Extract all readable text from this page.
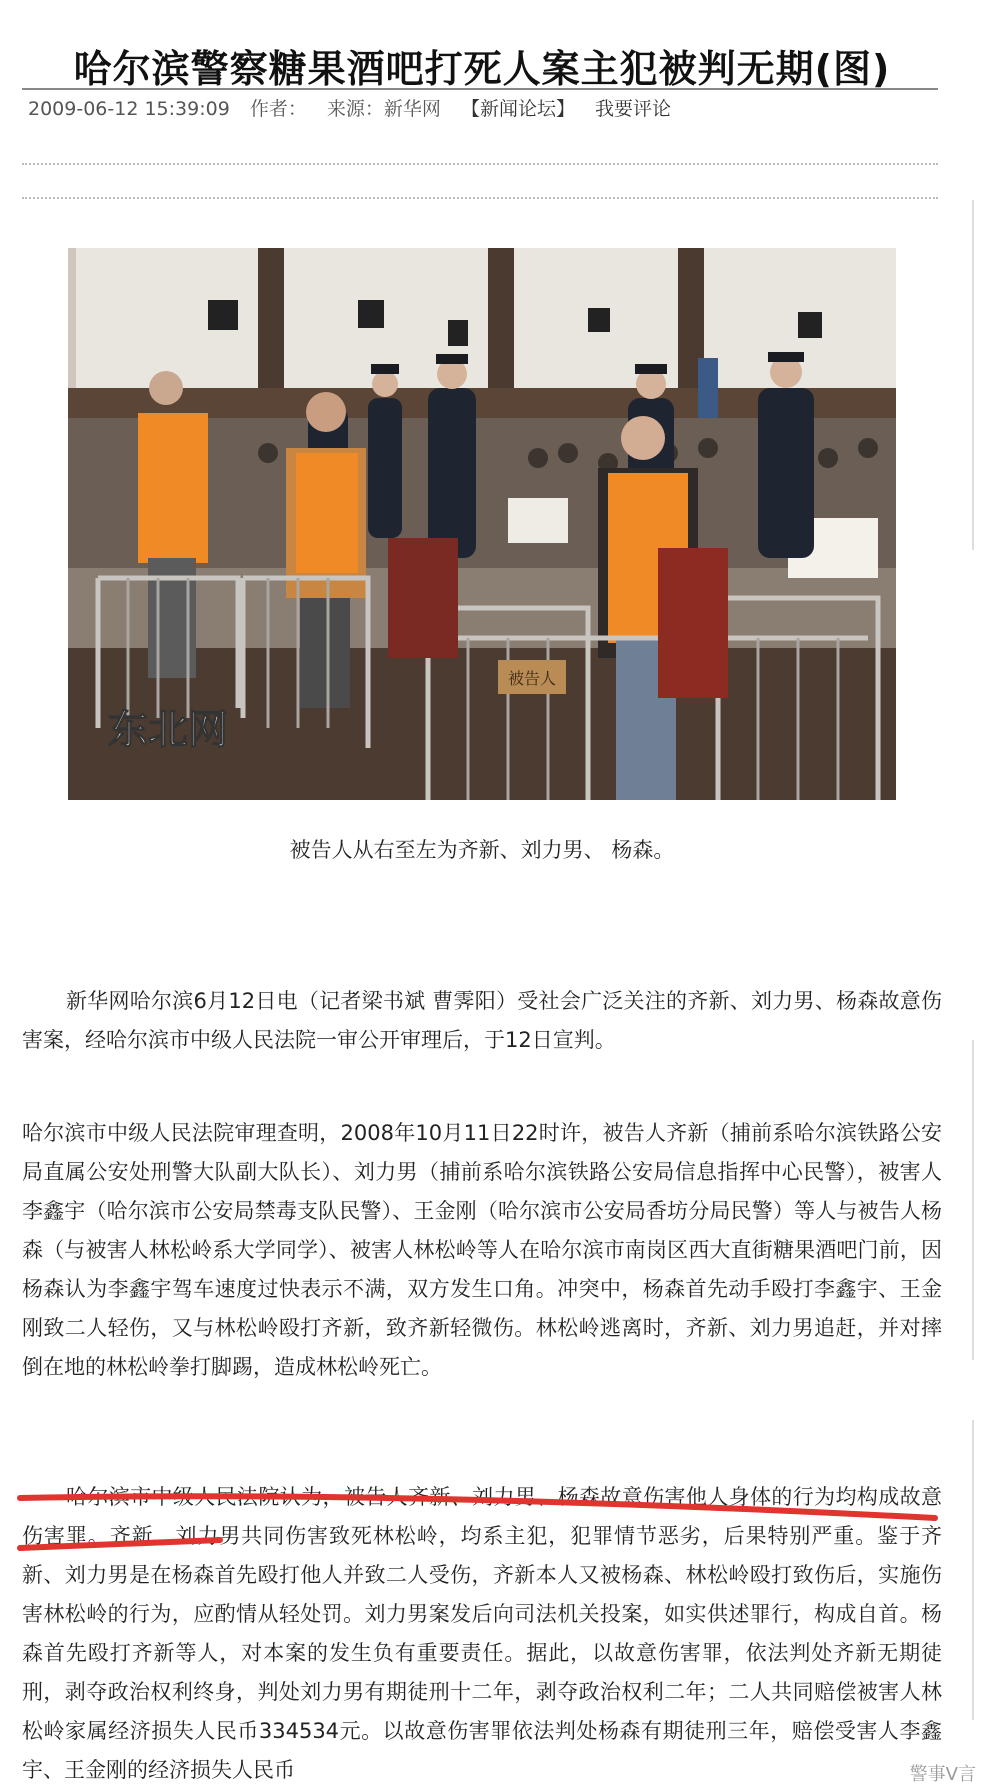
哈尔滨警察糖果酒吧打死人案主犯被判无期(图)
2009-06-12 15:39:09 作者： 来源：新华网 【新闻论坛】 我要评论
被告人
东北网
被告人从右至左为齐新、刘力男、 杨森。

新华网哈尔滨6月12日电（记者梁书斌 曹霁阳）受社会广泛关注的齐新、刘力男、杨森故意伤害案，经哈尔滨市中级人民法院一审公开审理后，于12日宣判。

哈尔滨市中级人民法院审理查明，2008年10月11日22时许，被告人齐新（捕前系哈尔滨铁路公安局直属公安处刑警大队副大队长）、刘力男（捕前系哈尔滨铁路公安局信息指挥中心民警），被害人李鑫宇（哈尔滨市公安局禁毒支队民警）、王金刚（哈尔滨市公安局香坊分局民警）等人与被告人杨森（与被害人林松岭系大学同学）、被害人林松岭等人在哈尔滨市南岗区西大直街糖果酒吧门前，因杨森认为李鑫宇驾车速度过快表示不满，双方发生口角。冲突中，杨森首先动手殴打李鑫宇、王金刚致二人轻伤，又与林松岭殴打齐新，致齐新轻微伤。林松岭逃离时，齐新、刘力男追赶，并对摔倒在地的林松岭拳打脚踢，造成林松岭死亡。

哈尔滨市中级人民法院认为，被告人齐新、刘力男、杨森故意伤害他人身体的行为均构成故意伤害罪。齐新、刘力男共同伤害致死林松岭，均系主犯，犯罪情节恶劣，后果特别严重。鉴于齐新、刘力男是在杨森首先殴打他人并致二人受伤，齐新本人又被杨森、林松岭殴打致伤后，实施伤害林松岭的行为，应酌情从轻处罚。刘力男案发后向司法机关投案，如实供述罪行，构成自首。杨森首先殴打齐新等人，对本案的发生负有重要责任。据此，以故意伤害罪，依法判处齐新无期徒刑，剥夺政治权利终身，判处刘力男有期徒刑十二年，剥夺政治权利二年；二人共同赔偿被害人林松岭家属经济损失人民币334534元。以故意伤害罪依法判处杨森有期徒刑三年，赔偿受害人李鑫宇、王金刚的经济损失人民币	警事V言
